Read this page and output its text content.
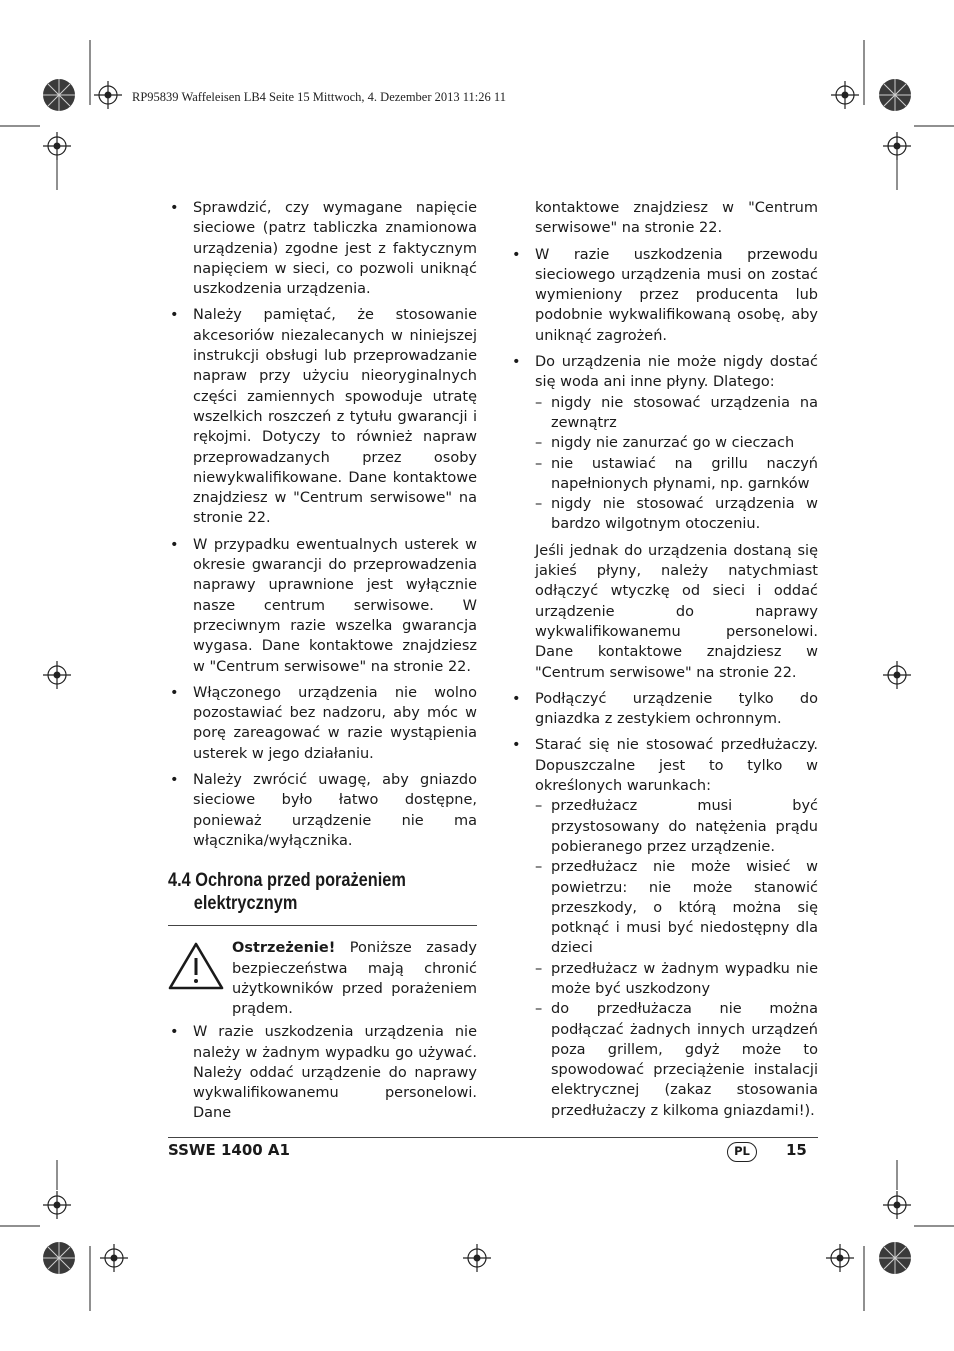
RP95839 Waffeleisen LB4 Seite 15 Mittwoch, 4. Dezember 2013 11:26 11
• Sprawdzić, czy wymagane napięcie sieciowe (patrz tabliczka znamionowa urządzenia) zgodne jest z faktycznym napięciem w sieci, co pozwoli uniknąć uszkodzenia urządzenia.
• Należy pamiętać, że stosowanie akcesoriów niezalecanych w niniejszej instrukcji obsługi lub przeprowadzanie napraw przy użyciu nieoryginalnych części zamiennych spowoduje utratę wszelkich roszczeń z tytułu gwarancji i rękojmi. Dotyczy to również napraw przeprowadzanych przez osoby niewykwalifikowane. Dane kontaktowe znajdziesz w "Centrum serwisowe" na stronie 22.
• W przypadku ewentualnych usterek w okresie gwarancji do przeprowadzenia naprawy uprawnione jest wyłącznie nasze centrum serwisowe. W przeciwnym razie wszelka gwarancja wygasa. Dane kontaktowe znajdziesz w "Centrum serwisowe" na stronie 22.
• Włączonego urządzenia nie wolno pozostawiać bez nadzoru, aby móc w porę zareagować w razie wystąpienia usterek w jego działaniu.
• Należy zwrócić uwagę, aby gniazdo sieciowe było łatwo dostępne, ponieważ urządzenie nie ma włącznika/wyłącznika.
4.4 Ochrona przed porażeniem
elektrycznym
Ostrzeżenie! Poniższe zasady bezpieczeństwa mają chronić użytkowników przed porażeniem prądem.
• W razie uszkodzenia urządzenia nie należy w żadnym wypadku go używać. Należy oddać urządzenie do naprawy wykwalifikowanemu personelowi. Dane

kontaktowe znajdziesz w "Centrum serwisowe" na stronie 22.

• W razie uszkodzenia przewodu sieciowego urządzenia musi on zostać wymieniony przez producenta lub podobnie wykwalifikowaną osobę, aby uniknąć zagrożeń.
• Do urządzenia nie może nigdy dostać się woda ani inne płyny. Dlatego:
– nigdy nie stosować urządzenia na zewnątrz
– nigdy nie zanurzać go w cieczach
– nie ustawiać na grillu naczyń napełnionych płynami, np. garnków
– nigdy nie stosować urządzenia w bardzo wilgotnym otoczeniu.

Jeśli jednak do urządzenia dostaną się jakieś płyny, należy natychmiast odłączyć wtyczkę od sieci i oddać urządzenie do naprawy wykwalifikowanemu personelowi. Dane kontaktowe znajdziesz w "Centrum serwisowe" na stronie 22.

• Podłączyć urządzenie tylko do gniazdka z zestykiem ochronnym.
• Starać się nie stosować przedłużaczy. Dopuszczalne jest to tylko w określonych warunkach:
– przedłużacz musi być przystosowany do natężenia prądu pobieranego przez urządzenie.
– przedłużacz nie może wisieć w powietrzu: nie może stanowić przeszkody, o którą można się potknąć i musi być niedostępny dla dzieci
– przedłużacz w żadnym wypadku nie może być uszkodzony
– do przedłużacza nie można podłączać żadnych innych urządzeń poza grillem, gdyż może to spowodować przeciążenie instalacji elektrycznej (zakaz stosowania przedłużaczy z kilkoma gniazdami!).
SSWE 1400 A1	PL	15
